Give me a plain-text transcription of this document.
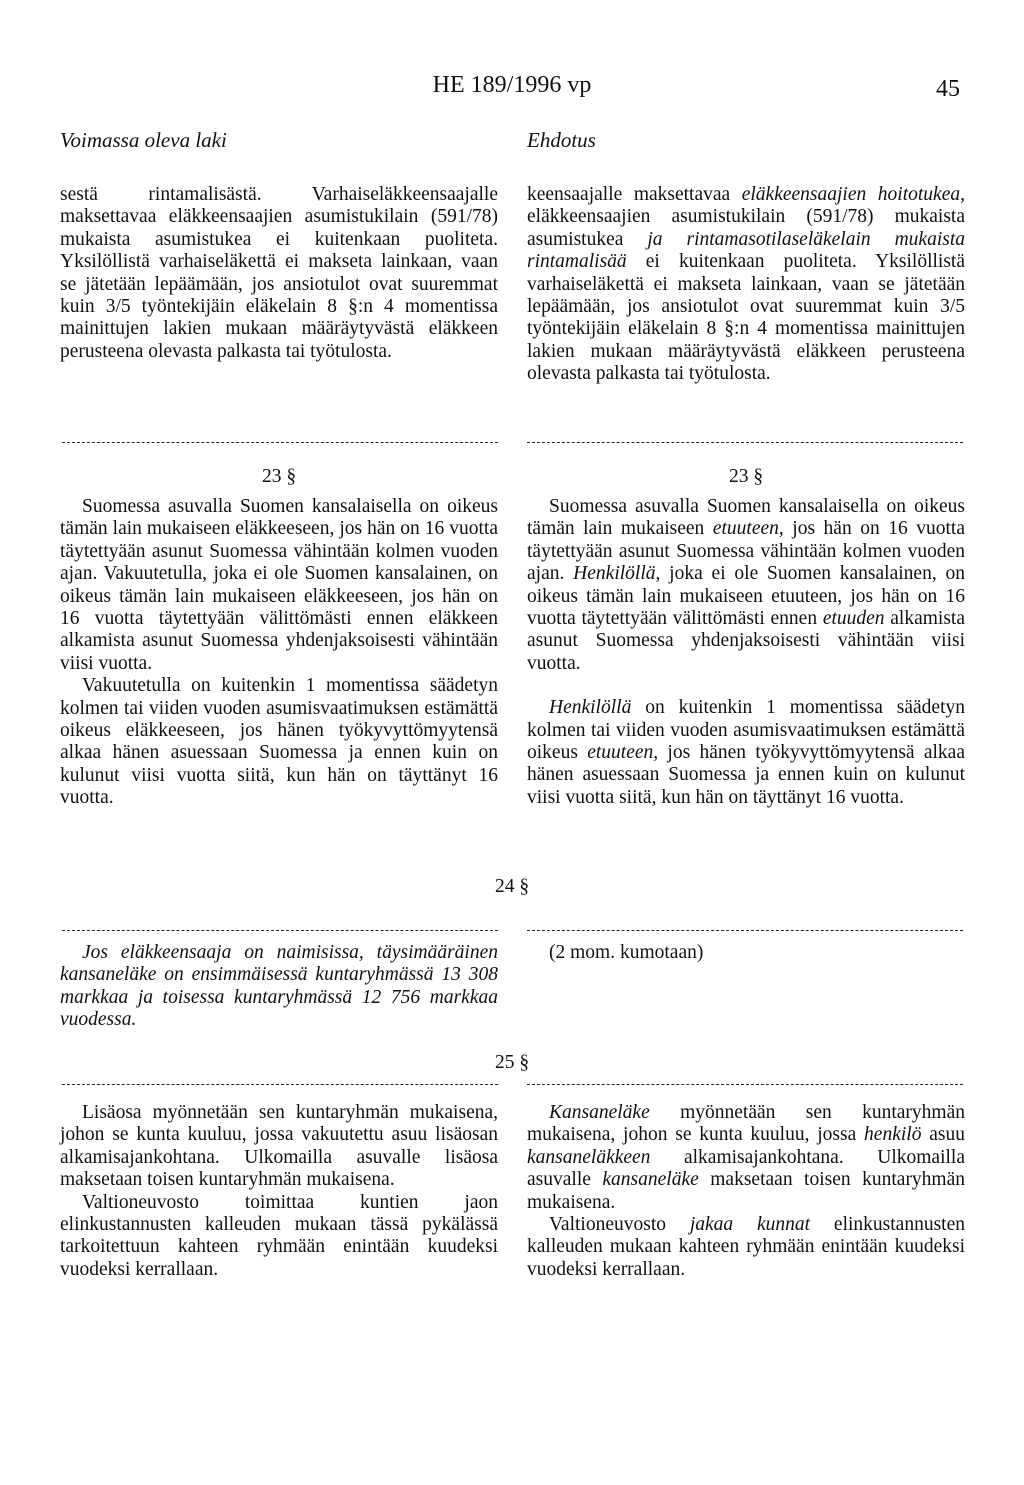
HE 189/1996 vp	45
Voimassa oleva laki	Ehdotus

sestä rintamalisästä. Varhaiseläkkeensaajalle maksettavaa eläkkeensaajien asumistukilain (591/78) mukaista asumistukea ei kuitenkaan puoliteta. Yksilöllistä varhaiseläkettä ei makseta lainkaan, vaan se jätetään lepäämään, jos ansiotulot ovat suuremmat kuin 3/5 työntekijäin eläkelain 8 §:n 4 momentissa mainittujen lakien mukaan määräytyvästä eläkkeen perusteena olevasta palkasta tai työtulosta.

keensaajalle maksettavaa eläkkeensaajien hoitotukea, eläkkeensaajien asumistukilain (591/78) mukaista asumistukea ja rintamasotilaseläkelain mukaista rintamalisää ei kuitenkaan puoliteta. Yksilöllistä varhaiseläkettä ei makseta lainkaan, vaan se jätetään lepäämään, jos ansiotulot ovat suuremmat kuin 3/5 työntekijäin eläkelain 8 §:n 4 momentissa mainittujen lakien mukaan määräytyvästä eläkkeen perusteena olevasta palkasta tai työtulosta.

23 §	23 §

Suomessa asuvalla Suomen kansalaisella on oikeus tämän lain mukaiseen eläkkeeseen, jos hän on 16 vuotta täytettyään asunut Suomessa vähintään kolmen vuoden ajan. Vakuutetulla, joka ei ole Suomen kansalainen, on oikeus tämän lain mukaiseen eläkkeeseen, jos hän on 16 vuotta täytettyään välittömästi ennen eläkkeen alkamista asunut Suomessa yhdenjaksoisesti vähintään viisi vuotta.

Vakuutetulla on kuitenkin 1 momentissa säädetyn kolmen tai viiden vuoden asumisvaatimuksen estämättä oikeus eläkkeeseen, jos hänen työkyvyttömyytensä alkaa hänen asuessaan Suomessa ja ennen kuin on kulunut viisi vuotta siitä, kun hän on täyttänyt 16 vuotta.

Suomessa asuvalla Suomen kansalaisella on oikeus tämän lain mukaiseen etuuteen, jos hän on 16 vuotta täytettyään asunut Suomessa vähintään kolmen vuoden ajan. Henkilöllä, joka ei ole Suomen kansalainen, on oikeus tämän lain mukaiseen etuuteen, jos hän on 16 vuotta täytettyään välittömästi ennen etuuden alkamista asunut Suomessa yhdenjaksoisesti vähintään viisi vuotta.

Henkilöllä on kuitenkin 1 momentissa säädetyn kolmen tai viiden vuoden asumisvaatimuksen estämättä oikeus etuuteen, jos hänen työkyvyttömyytensä alkaa hänen asuessaan Suomessa ja ennen kuin on kulunut viisi vuotta siitä, kun hän on täyttänyt 16 vuotta.

24 §

Jos eläkkeensaaja on naimisissa, täysimääräinen kansaneläke on ensimmäisessä kuntaryhmässä 13 308 markkaa ja toisessa kuntaryhmässä 12 756 markkaa vuodessa.

(2 mom. kumotaan)

25 §

Lisäosa myönnetään sen kuntaryhmän mukaisena, johon se kunta kuuluu, jossa vakuutettu asuu lisäosan alkamisajankohtana. Ulkomailla asuvalle lisäosa maksetaan toisen kuntaryhmän mukaisena.

Valtioneuvosto toimittaa kuntien jaon elinkustannusten kalleuden mukaan tässä pykälässä tarkoitettuun kahteen ryhmään enintään kuudeksi vuodeksi kerrallaan.

Kansaneläke myönnetään sen kuntaryhmän mukaisena, johon se kunta kuuluu, jossa henkilö asuu kansaneläkkeen alkamisajankohtana. Ulkomailla asuvalle kansaneläke maksetaan toisen kuntaryhmän mukaisena.

Valtioneuvosto jakaa kunnat elinkustannusten kalleuden mukaan kahteen ryhmään enintään kuudeksi vuodeksi kerrallaan.
